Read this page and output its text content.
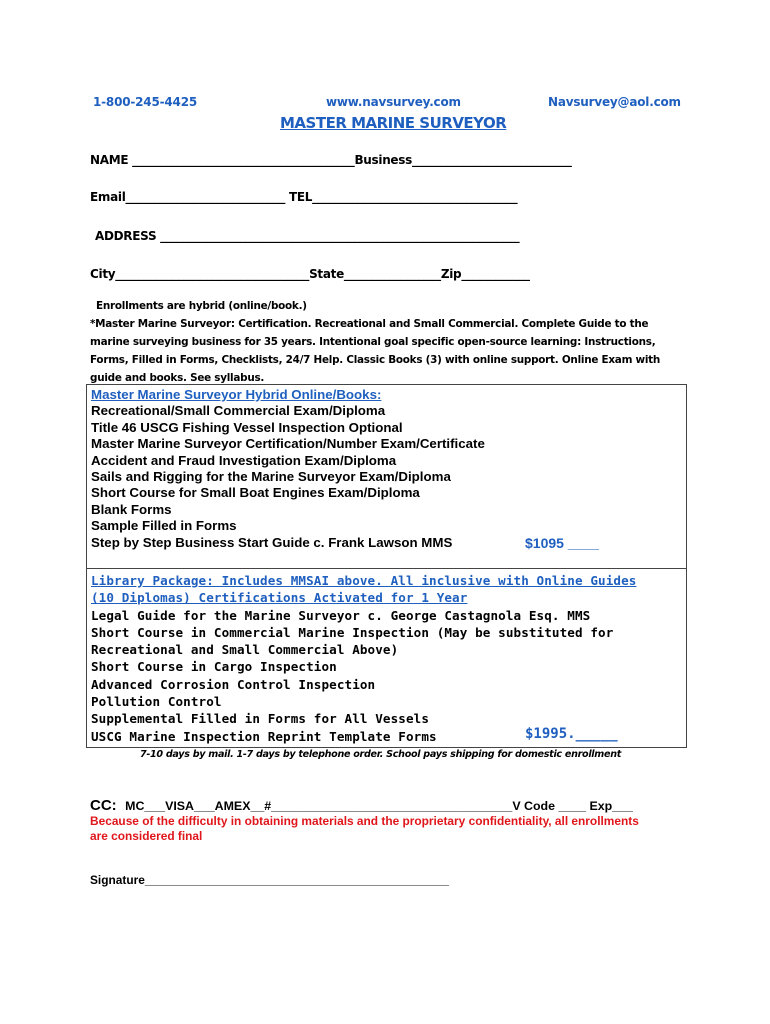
1-800-245-4425	www.navsurvey.com	Navsurvey@aol.com
MASTER MARINE SURVEYOR
NAME _______________________________________Business____________________________
Email____________________________ TEL____________________________________
ADDRESS _______________________________________________________________
City__________________________________State_________________Zip____________
Enrollments are hybrid (online/book.)
*Master Marine Surveyor: Certification. Recreational and Small Commercial. Complete Guide to the
marine surveying business for 35 years. Intentional goal specific open-source learning: Instructions,
Forms, Filled in Forms, Checklists, 24/7 Help. Classic Books (3) with online support. Online Exam with
guide and books. See syllabus.
Master Marine Surveyor Hybrid Online/Books:
Recreational/Small Commercial Exam/Diploma
Title 46 USCG Fishing Vessel Inspection Optional
Master Marine Surveyor Certification/Number Exam/Certificate
Accident and Fraud Investigation Exam/Diploma
Sails and Rigging for the Marine Surveyor Exam/Diploma
Short Course for Small Boat Engines Exam/Diploma
Blank Forms
Sample Filled in Forms
Step by Step Business Start Guide c. Frank Lawson MMS	$1095 ____
Library Package: Includes MMSAI above. All inclusive with Online Guides
(10 Diplomas) Certifications Activated for 1 Year
Legal Guide for the Marine Surveyor c. George Castagnola Esq. MMS
Short Course in Commercial Marine Inspection (May be substituted for
Recreational and Small Commercial Above)
Short Course in Cargo Inspection
Advanced Corrosion Control Inspection
Pollution Control
Supplemental Filled in Forms for All Vessels
USCG Marine Inspection Reprint Template Forms	$1995._____
7-10 days by mail. 1-7 days by telephone order. School pays shipping for domestic enrollment
CC: MC___VISA___AMEX__#___________________________________V Code ____ Exp___
Because of the difficulty in obtaining materials and the proprietary confidentiality, all enrollments
are considered final
Signature______________________________________________
